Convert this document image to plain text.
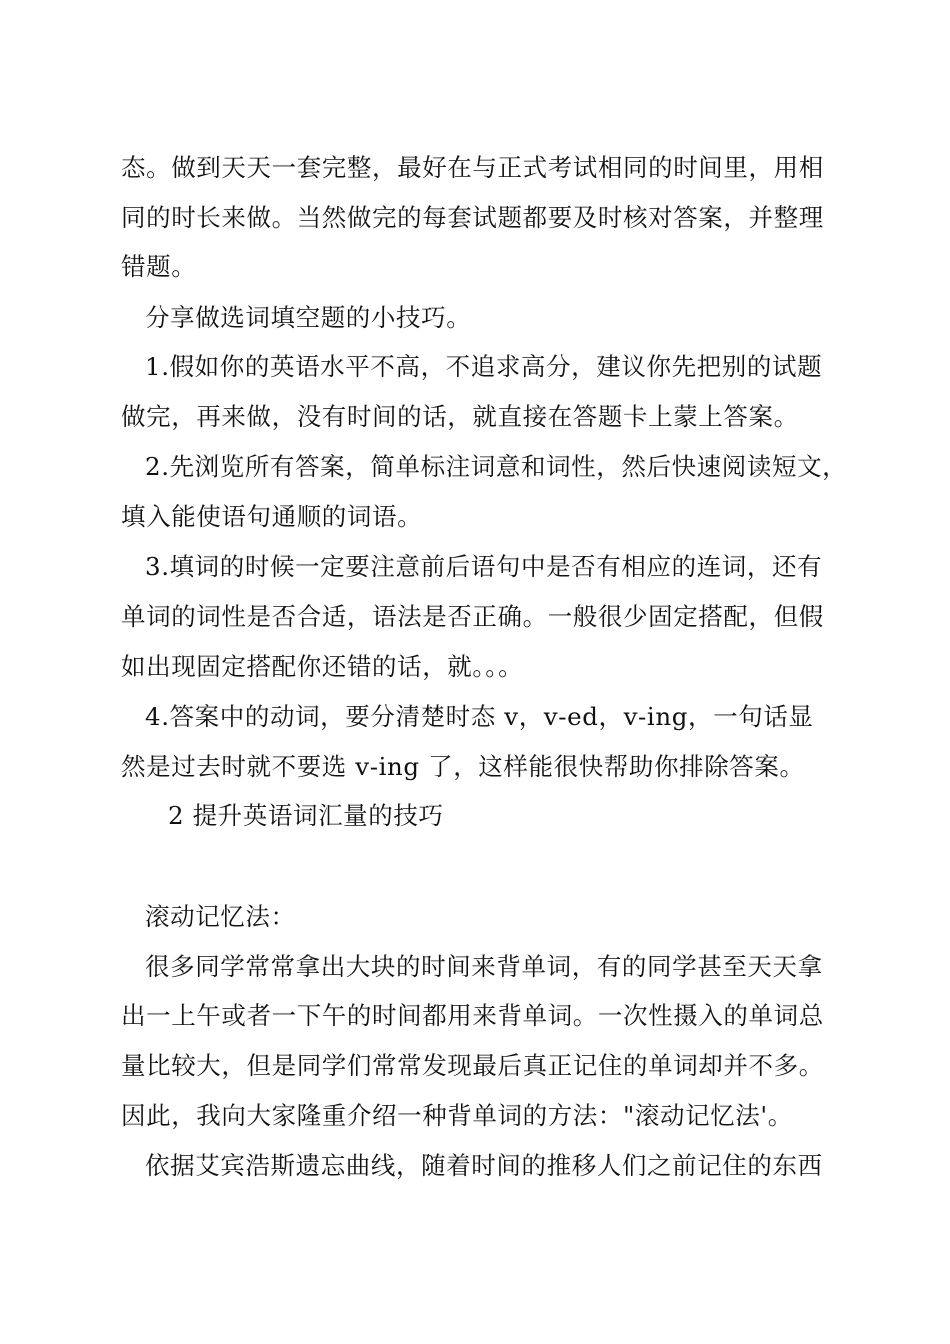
态。做到天天一套完整，最好在与正式考试相同的时间里，用相
同的时长来做。当然做完的每套试题都要及时核对答案，并整理
错题。
分享做选词填空题的小技巧。
1.假如你的英语水平不高，不追求高分，建议你先把别的试题
做完，再来做，没有时间的话，就直接在答题卡上蒙上答案。
2.先浏览所有答案，简单标注词意和词性，然后快速阅读短文，
填入能使语句通顺的词语。
3.填词的时候一定要注意前后语句中是否有相应的连词，还有
单词的词性是否合适，语法是否正确。一般很少固定搭配，但假
如出现固定搭配你还错的话，就。。。
4.答案中的动词，要分清楚时态 v，v-ed，v-ing，一句话显
然是过去时就不要选 v-ing 了，这样能很快帮助你排除答案。
2 提升英语词汇量的技巧
滚动记忆法：
很多同学常常拿出大块的时间来背单词，有的同学甚至天天拿
出一上午或者一下午的时间都用来背单词。一次性摄入的单词总
量比较大，但是同学们常常发现最后真正记住的单词却并不多。
因此，我向大家隆重介绍一种背单词的方法："滚动记忆法'。
依据艾宾浩斯遗忘曲线，随着时间的推移人们之前记住的东西
